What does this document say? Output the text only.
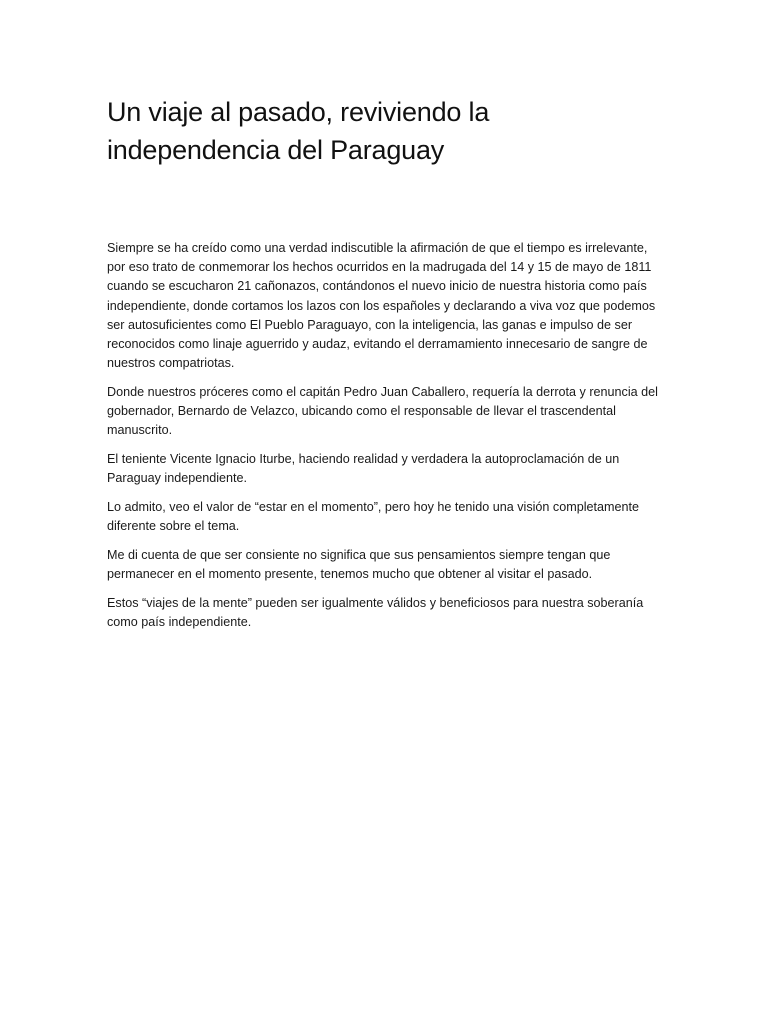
Un viaje al pasado, reviviendo la
independencia del Paraguay

Siempre se ha creído como una verdad indiscutible la afirmación de que el tiempo es irrelevante, por eso trato de conmemorar los hechos ocurridos en la madrugada del 14 y 15 de mayo de 1811 cuando se escucharon 21 cañonazos, contándonos el nuevo inicio de nuestra historia como país independiente, donde cortamos los lazos con los españoles y declarando a viva voz que podemos ser autosuficientes como El Pueblo Paraguayo, con la inteligencia, las ganas e impulso de ser reconocidos como linaje aguerrido y audaz, evitando el derramamiento innecesario de sangre de nuestros compatriotas.

Donde nuestros próceres como el capitán Pedro Juan Caballero, requería la derrota y renuncia del gobernador, Bernardo de Velazco, ubicando como el responsable de llevar el trascendental manuscrito.

El teniente Vicente Ignacio Iturbe, haciendo realidad y verdadera la autoproclamación de un Paraguay independiente.

Lo admito, veo el valor de “estar en el momento”, pero hoy he tenido una visión completamente diferente sobre el tema.

Me di cuenta de que ser consiente no significa que sus pensamientos siempre tengan que permanecer en el momento presente, tenemos mucho que obtener al visitar el pasado.

Estos “viajes de la mente” pueden ser igualmente válidos y beneficiosos para nuestra soberanía como país independiente.
